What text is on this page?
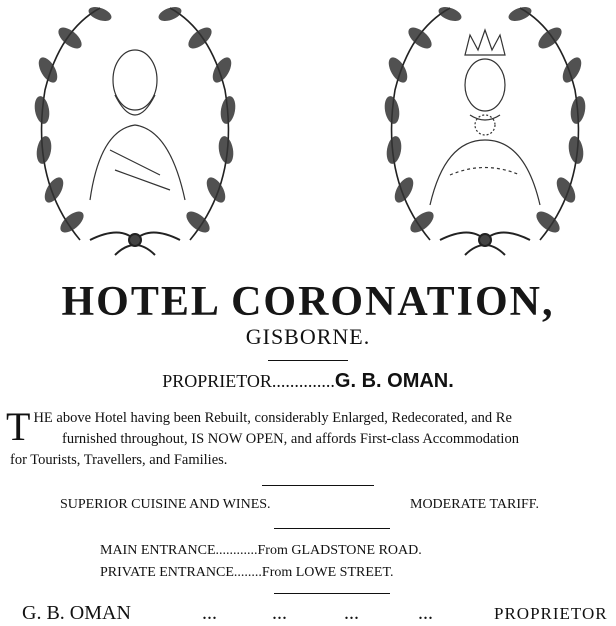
HOTEL CORONATION,
GISBORNE.
PROPRIETOR..............G. B. OMAN.
T HE above Hotel having been Rebuilt, considerably Enlarged, Redecorated, and Re
furnished throughout, IS NOW OPEN, and affords First-class Accommodation
for Tourists, Travellers, and Families.
SUPERIOR CUISINE AND WINES.	MODERATE TARIFF.
MAIN ENTRANCE............From GLADSTONE ROAD.
PRIVATE ENTRANCE........From LOWE STREET.
G. B. OMAN	...	...	...	...	PROPRIETOR
